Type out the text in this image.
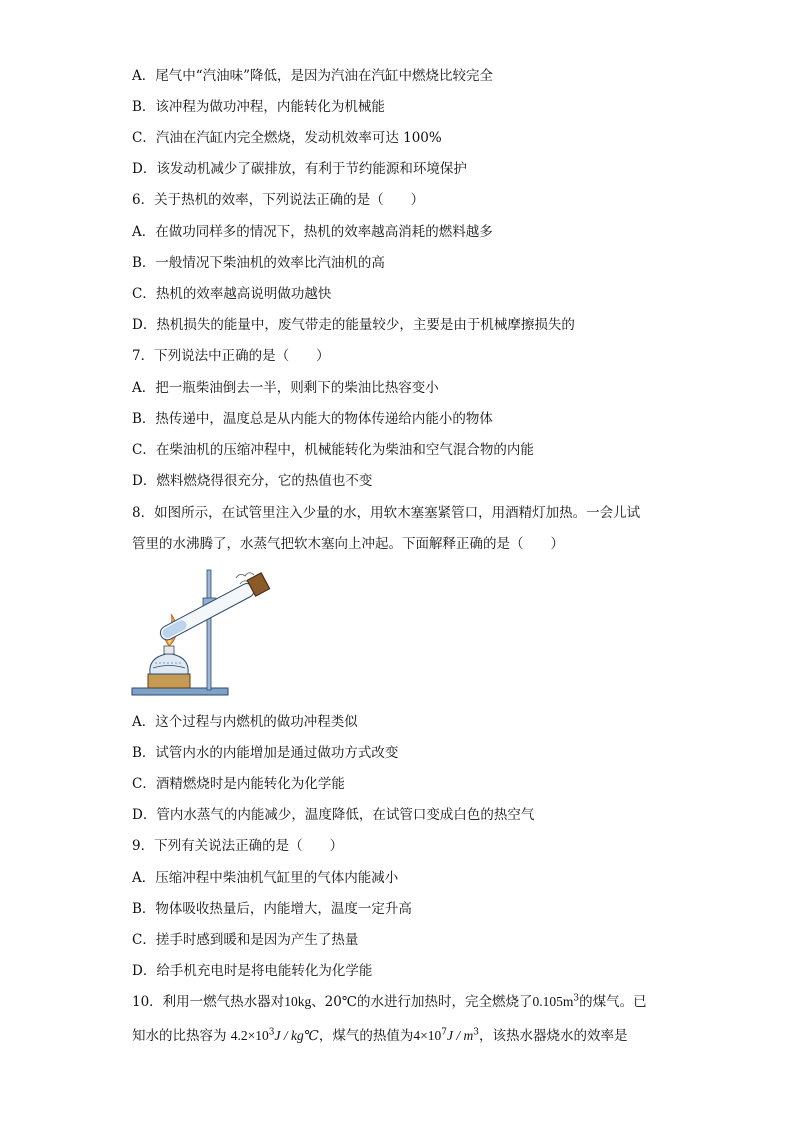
A．尾气中“汽油味”降低，是因为汽油在汽缸中燃烧比较完全
B．该冲程为做功冲程，内能转化为机械能
C．汽油在汽缸内完全燃烧，发动机效率可达 100%
D．该发动机减少了碳排放，有利于节约能源和环境保护
6．关于热机的效率，下列说法正确的是（　　）
A．在做功同样多的情况下，热机的效率越高消耗的燃料越多
B．一般情况下柴油机的效率比汽油机的高
C．热机的效率越高说明做功越快
D．热机损失的能量中，废气带走的能量较少，主要是由于机械摩擦损失的
7．下列说法中正确的是（　　）
A．把一瓶柴油倒去一半，则剩下的柴油比热容变小
B．热传递中，温度总是从内能大的物体传递给内能小的物体
C．在柴油机的压缩冲程中，机械能转化为柴油和空气混合物的内能
D．燃料燃烧得很充分，它的热值也不变
8．如图所示，在试管里注入少量的水，用软木塞塞紧管口，用酒精灯加热。一会儿试
管里的水沸腾了，水蒸气把软木塞向上冲起。下面解释正确的是（　　）
A．这个过程与内燃机的做功冲程类似
B．试管内水的内能增加是通过做功方式改变
C．酒精燃烧时是内能转化为化学能
D．管内水蒸气的内能减少，温度降低，在试管口变成白色的热空气
9．下列有关说法正确的是（　　）
A．压缩冲程中柴油机气缸里的气体内能减小
B．物体吸收热量后，内能增大，温度一定升高
C．搓手时感到暖和是因为产生了热量
D．给手机充电时是将电能转化为化学能
10．利用一燃气热水器对10kg、20℃的水进行加热时，完全燃烧了$0.105m^3$的煤气。已
知水的比热容为 $4.2\times 10^3J$ / kg℃，煤气的热值为$4\times 10^7J / m^3$，该热水器烧水的效率是
